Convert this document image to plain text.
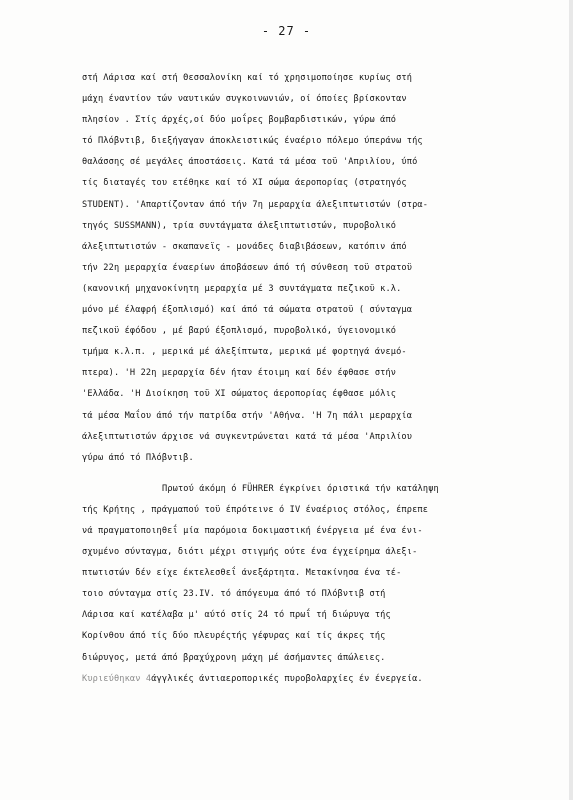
- 27 -
στή Λάρισα καί στή Θεσσαλονίκη καί τό χρησιμοποίησε κυρίως στή
μάχη έναντίον τών ναυτικών συγκοινωνιών, οί όποίες βρίσκονταν
πλησίον . Στίς άρχές,οί δύο μοΐρες βομβαρδιστικών, γύρω άπό
τό Πλόβντιβ, διεξήγαγαν άποκλειστικώς έναέριο πόλεμο ύπεράνω τής
θαλάσσης σέ μεγάλες άποστάσεις. Κατά τά μέσα τοϋ 'Απριλίου, ύπό
τίς διαταγές του ετέθηκε καί τό XI σώμα άεροπορίας (στρατηγός
STUDENT). 'Απαρτίζονταν άπό τήν 7η μεραρχία άλεξιπτωτιστών (στρα-
τηγός SUSSMANN), τρία συντάγματα άλεξιπτωτιστών, πυροβολικό
άλεξιπτωτιστών - σκαπανεϊς - μονάδες διαβιβάσεων, κατόπιν άπό
τήν 22η μεραρχία έναερίων άποβάσεων άπό τή σύνθεση τοϋ στρατοϋ
(κανονική μηχανοκίνητη μεραρχία μέ 3 συντάγματα πεζικοϋ κ.λ.
μόνο μέ έλαφρή έξοπλισμό) καί άπό τά σώματα στρατοϋ ( σύνταγμα
πεζικοϋ έφόδου , μέ βαρύ έξοπλισμό, πυροβολικό, ύγειονομικό
τμήμα κ.λ.π. , μερικά μέ άλεξίπτωτα, μερικά μέ φορτηγά άνεμό-
πτερα). 'Η 22η μεραρχία δέν ήταν έτοιμη καί δέν έφθασε στήν
'Ελλάδα. 'Η Διοίκηση τοϋ XI σώματος άεροπορίας έφθασε μόλις
τά μέσα Μαΐου άπό τήν πατρίδα στήν 'Αθήνα. 'Η 7η πάλι μεραρχία
άλεξιπτωτιστών άρχισε νά συγκεντρώνεται κατά τά μέσα 'Απριλίου
γύρω άπό τό Πλόβντιβ.
Πρωτού άκόμη ό FÜHRER έγκρίνει όριστικά τήν κατάληψη
τής Κρήτης , πράγμαπού τοϋ έπρότεινε ό IV έναέριος στόλος, έπρεπε
νά πραγματοποιηθεΐ μία παρόμοια δοκιμαστική ένέργεια μέ ένα ένι-
σχυμένο σύνταγμα, διότι μέχρι στιγμής ούτε ένα έγχείρημα άλεξι-
πτωτιστών δέν είχε έκτελεσθεΐ άνεξάρτητα. Μετακίνησα ένα τέ-
τοιο σύνταγμα στίς 23.IV. τό άπόγευμα άπό τό Πλόβντιβ στή
Λάρισα καί κατέλαβα μ' αύτό στίς 24 τό πρωΐ τή διώρυγα τής
Κορίνθου άπό τίς δύο πλευρέςτής γέφυρας καί τίς άκρες τής
διώρυγος, μετά άπό βραχύχρονη μάχη μέ άσήμαντες άπώλειες.
Κυριεύθηκαν 4άγγλικές άντιαεροπορικές πυροβολαρχίες έν ένεργεία.
